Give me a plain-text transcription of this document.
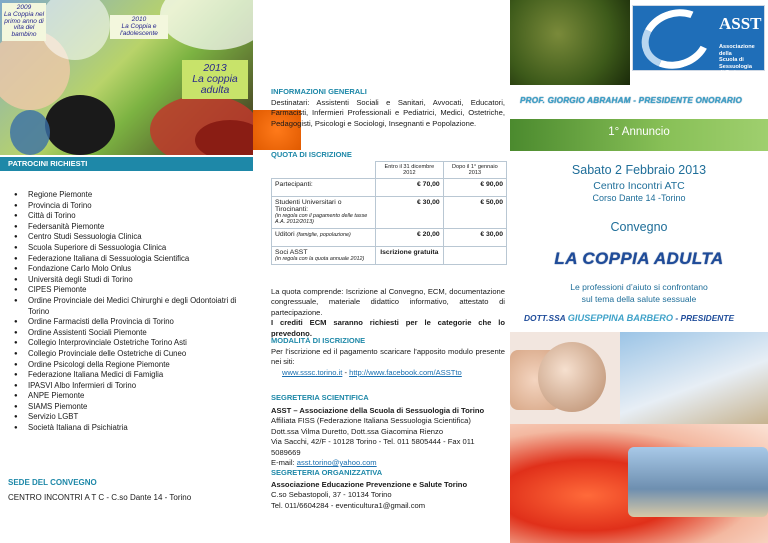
2009
La Coppia nel primo anno di vita del bambino
2010
La Coppia e l'adolescente
2013
La coppia adulta
PATROCINI RICHIESTI
● Regione Piemonte
● Provincia di Torino
● Città di Torino
● Federsanità Piemonte
● Centro Studi Sessuologia Clinica
● Scuola Superiore di Sessuologia Clinica
● Federazione Italiana di Sessuologia Scientifica
● Fondazione Carlo Molo Onlus
● Università degli Studi di Torino
● CIPES Piemonte
● Ordine Provinciale dei Medici Chirurghi e degli Odontoiatri di Torino
● Ordine Farmacisti della Provincia di Torino
● Ordine Assistenti Sociali Piemonte
● Collegio Interprovinciale Ostetriche Torino Asti
● Collegio Provinciale delle Ostetriche di Cuneo
● Ordine Psicologi della Regione Piemonte
● Federazione Italiana Medici di Famiglia
● IPASVI Albo Infermieri di Torino
● ANPE Piemonte
● SIAMS Piemonte
● Servizio LGBT
● Società Italiana di Psichiatria
SEDE DEL CONVEGNO
CENTRO INCONTRI A T C - C.so Dante 14 - Torino
INFORMAZIONI GENERALI
Destinatari: Assistenti Sociali e Sanitari, Avvocati, Educatori, Farmacisti, Infermieri Professionali e Pediatrici, Medici, Ostetriche, Pedagogisti, Psicologi e Sociologi, Insegnanti e Popolazione.
QUOTA DI ISCRIZIONE
	Entro il 31 dicembre 2012	Dopo il 1° gennaio 2013
Partecipanti:	€ 70,00	€ 90,00
Studenti Universitari o Tirocinanti:
(in regola con il pagamento delle tasse A.A. 2012/2013)	€ 30,00	€ 50,00
Uditori (famiglie, popolazione)	€ 20,00	€ 30,00
Soci ASST
(in regola con la quota annuale 2012)	Iscrizione gratuita	
La quota comprende: Iscrizione al Convegno, ECM, documentazione congressuale, materiale didattico informativo, attestato di partecipazione.
I crediti ECM saranno richiesti per le categorie che lo prevedono.
MODALITÀ DI ISCRIZIONE
Per l’iscrizione ed il pagamento scaricare l’apposito modulo presente nei siti:
www.sssc.torino.it - http://www.facebook.com/ASSTto
SEGRETERIA SCIENTIFICA
ASST – Associazione della Scuola di Sessuologia di Torino
Affiliata FISS (Federazione Italiana Sessuologia Scientifica)
Dott.ssa Vilma Duretto, Dott.ssa Giacomina Rienzo
Via Sacchi, 42/F - 10128 Torino - Tel. 011 5805444 - Fax 011 5089669
E-mail: asst.torino@yahoo.com
SEGRETERIA ORGANIZZATIVA
Associazione Educazione Prevenzione e Salute Torino
C.so Sebastopoli, 37 - 10134 Torino
Tel. 011/6604284 - eventicultura1@gmail.com
ASST
Associazione della
Scuola di Sessuologia
di Torino
PROF. GIORGIO ABRAHAM - PRESIDENTE ONORARIO
1° Annuncio
Sabato 2 Febbraio 2013
Centro Incontri ATC
Corso Dante 14 -Torino
Convegno
LA COPPIA ADULTA
Le professioni d’aiuto si confrontano
sul tema della salute sessuale
DOTT.SSA GIUSEPPINA BARBERO - PRESIDENTE
